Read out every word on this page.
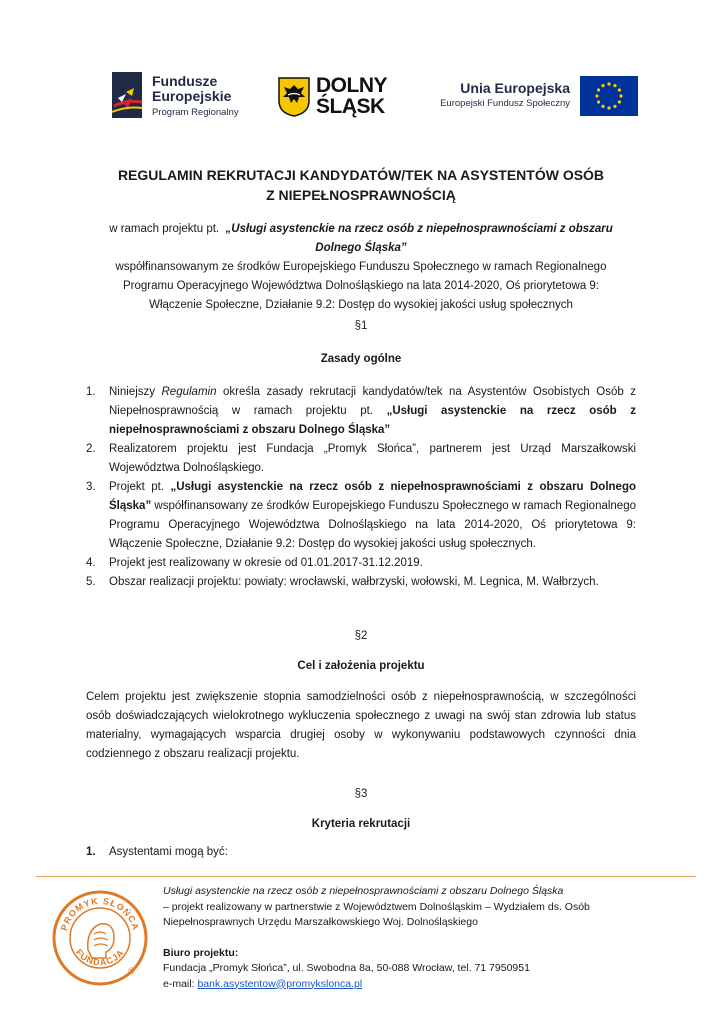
Fundusze
Europejskie
Program Regionalny
DOLNY
ŚLĄSK
Unia Europejska
Europejski Fundusz Społeczny
REGULAMIN REKRUTACJI KANDYDATÓW/TEK NA ASYSTENTÓW OSÓB
Z NIEPEŁNOSPRAWNOŚCIĄ
w ramach projektu pt. „Usługi asystenckie na rzecz osób z niepełnosprawnościami z obszaru
Dolnego Śląska”
współfinansowanym ze środków Europejskiego Funduszu Społecznego w ramach Regionalnego
Programu Operacyjnego Województwa Dolnośląskiego na lata 2014-2020, Oś priorytetowa 9:
Włączenie Społeczne, Działanie 9.2: Dostęp do wysokiej jakości usług społecznych
§1
Zasady ogólne
1. Niniejszy Regulamin określa zasady rekrutacji kandydatów/tek na Asystentów Osobistych Osób z Niepełnosprawnością w ramach projektu pt. „Usługi asystenckie na rzecz osób z niepełnosprawnościami z obszaru Dolnego Śląska”
2. Realizatorem projektu jest Fundacja „Promyk Słońca”, partnerem jest Urząd Marszałkowski Województwa Dolnośląskiego.
3. Projekt pt. „Usługi asystenckie na rzecz osób z niepełnosprawnościami z obszaru Dolnego Śląska” współfinansowany ze środków Europejskiego Funduszu Społecznego w ramach Regionalnego Programu Operacyjnego Województwa Dolnośląskiego na lata 2014-2020, Oś priorytetowa 9: Włączenie Społeczne, Działanie 9.2: Dostęp do wysokiej jakości usług społecznych.
4. Projekt jest realizowany w okresie od 01.01.2017-31.12.2019.
5. Obszar realizacji projektu: powiaty: wrocławski, wałbrzyski, wołowski, M. Legnica, M. Wałbrzych.
§2
Cel i założenia projektu
Celem projektu jest zwiększenie stopnia samodzielności osób z niepełnosprawnością, w szczególności osób doświadczających wielokrotnego wykluczenia społecznego z uwagi na swój stan zdrowia lub status materialny, wymagających wsparcia drugiej osoby w wykonywaniu podstawowych czynności dnia codziennego z obszaru realizacji projektu.
§3
Kryteria rekrutacji
1. Asystentami mogą być:
PROMYK SŁOŃCA
FUNDACJA
®
Usługi asystenckie na rzecz osób z niepełnosprawnościami z obszaru Dolnego Śląska
– projekt realizowany w partnerstwie z Województwem Dolnośląskim – Wydziałem ds. Osób Niepełnosprawnych Urzędu Marszałkowskiego Woj. Dolnośląskiego
Biuro projektu:
Fundacja „Promyk Słońca”, ul. Swobodna 8a, 50-088 Wrocław, tel. 71 7950951
e-mail: bank.asystentow@promykslonca.pl
